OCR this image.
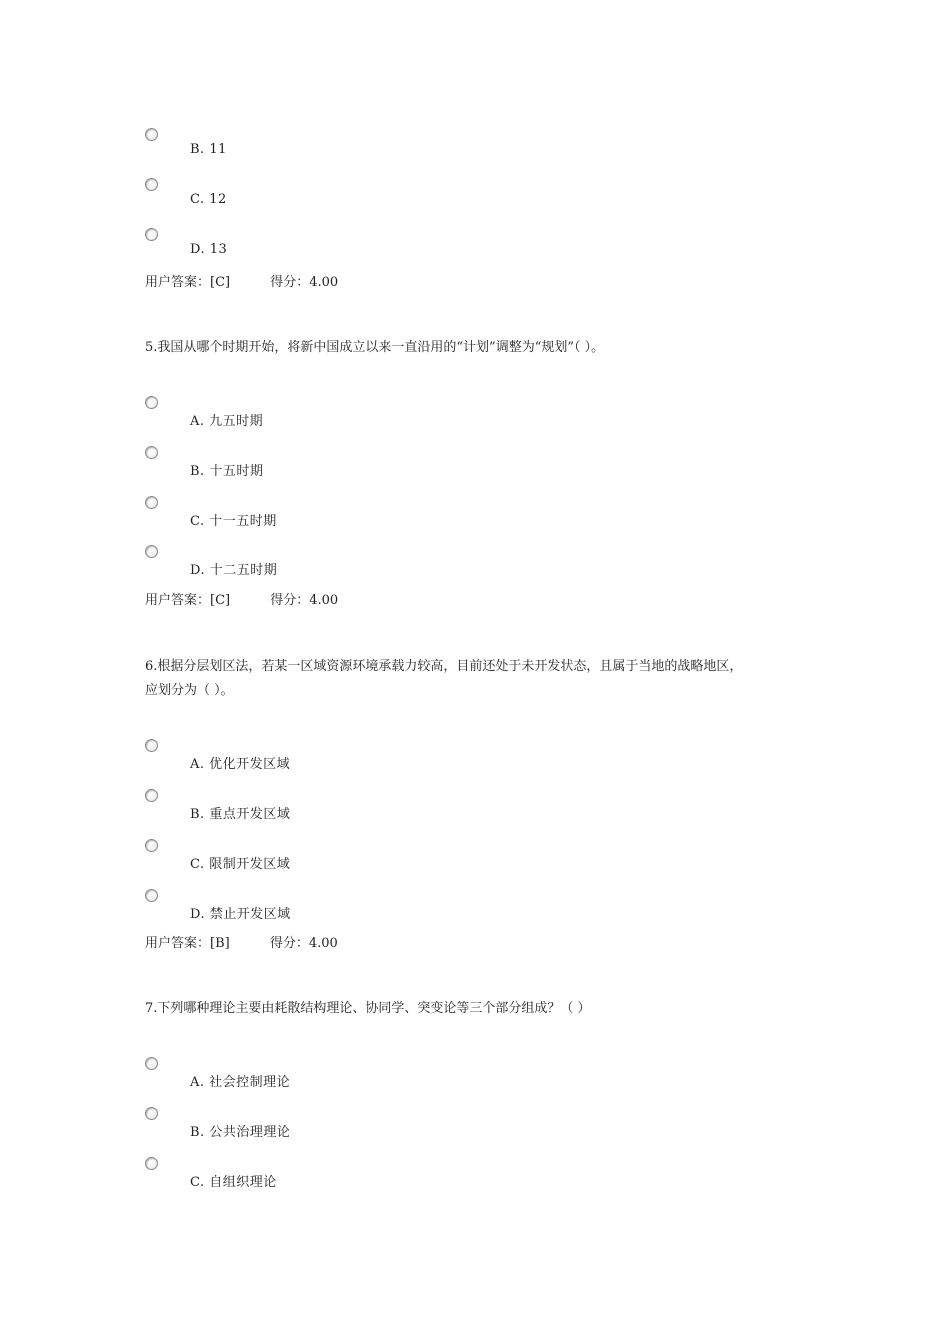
B. 11
C. 12
D. 13
用户答案：[C]	得分：4.00
5.我国从哪个时期开始，将新中国成立以来一直沿用的“计划”调整为“规划”（ ）。
A. 九五时期
B. 十五时期
C. 十一五时期
D. 十二五时期
用户答案：[C]	得分：4.00
6.根据分层划区法，若某一区域资源环境承载力较高，目前还处于未开发状态，且属于当地的战略地区，
应划分为（ ）。
A. 优化开发区域
B. 重点开发区域
C. 限制开发区域
D. 禁止开发区域
用户答案：[B]	得分：4.00
7.下列哪种理论主要由耗散结构理论、协同学、突变论等三个部分组成？（ ）
A. 社会控制理论
B. 公共治理理论
C. 自组织理论
